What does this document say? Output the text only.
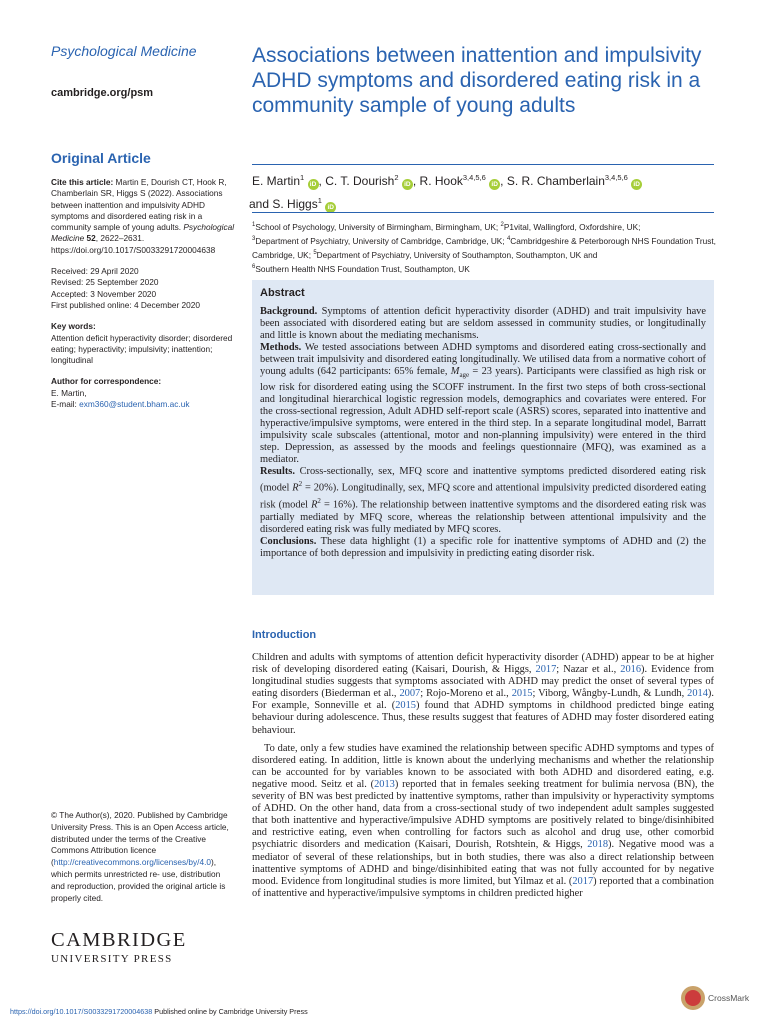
Psychological Medicine
cambridge.org/psm
Original Article

Cite this article: Martin E, Dourish CT, Hook R, Chamberlain SR, Higgs S (2022). Associations between inattention and impulsivity ADHD symptoms and disordered eating risk in a community sample of young adults. Psychological Medicine 52, 2622–2631. https://doi.org/10.1017/S0033291720004638

Received: 29 April 2020

Revised: 25 September 2020

Accepted: 3 November 2020

First published online: 4 December 2020

Key words:

Attention deficit hyperactivity disorder; disordered eating; hyperactivity; impulsivity; inattention; longitudinal

Author for correspondence:

E. Martin,

E-mail: exm360@student.bham.ac.uk

© The Author(s), 2020. Published by Cambridge University Press. This is an Open Access article, distributed under the terms of the Creative Commons Attribution licence (http://creativecommons.org/licenses/by/4.0), which permits unrestricted re- use, distribution and reproduction, provided the original article is properly cited.

CAMBRIDGE
UNIVERSITY PRESS
Associations between inattention and impulsivity ADHD symptoms and disordered eating risk in a community sample of young adults

E. Martin$^1$ iD , C. T. Dourish$^2$ iD , R. Hook$^{3,4,5,6}$ iD , S. R. Chamberlain$^{3,4,5,6}$ iD
and S. Higgs$^1$ iD

$^1$School of Psychology, University of Birmingham, Birmingham, UK; $^2$P1vital, Wallingford, Oxfordshire, UK;
$^3$Department of Psychiatry, University of Cambridge, Cambridge, UK; $^4$Cambridgeshire & Peterborough NHS Foundation Trust, Cambridge, UK; $^5$Department of Psychiatry, University of Southampton, Southampton, UK and
$^6$Southern Health NHS Foundation Trust, Southampton, UK

Abstract

Background. Symptoms of attention deficit hyperactivity disorder (ADHD) and trait impulsivity have been associated with disordered eating but are seldom assessed in community studies, or longitudinally and little is known about the mediating mechanisms.
Methods. We tested associations between ADHD symptoms and disordered eating cross-sectionally and between trait impulsivity and disordered eating longitudinally. We utilised data from a normative cohort of young adults (642 participants: 65% female, $M_{age} = 23$ years). Participants were classified as high risk or low risk for disordered eating using the SCOFF instrument. In the first two steps of both cross-sectional and longitudinal hierarchical logistic regression models, demographics and covariates were entered. For the cross-sectional regression, Adult ADHD self-report scale (ASRS) scores, separated into inattentive and hyperactive/impulsive symptoms, were entered in the third step. In a separate longitudinal model, Barratt impulsivity scale subscales (attentional, motor and non-planning impulsivity) were entered in the third step. Depression, as assessed by the moods and feelings questionnaire (MFQ), was examined as a mediator.
Results. Cross-sectionally, sex, MFQ score and inattentive symptoms predicted disordered eating risk (model $R^2 = 20\%$). Longitudinally, sex, MFQ score and attentional impulsivity predicted disordered eating risk (model $R^2 = 16\%$). The relationship between inattentive symptoms and the disordered eating risk was partially mediated by MFQ score, whereas the relationship between attentional impulsivity and the disordered eating risk was fully mediated by MFQ scores.
Conclusions. These data highlight (1) a specific role for inattentive symptoms of ADHD and (2) the importance of both depression and impulsivity in predicting eating disorder risk.

Introduction

Children and adults with symptoms of attention deficit hyperactivity disorder (ADHD) appear to be at higher risk of developing disordered eating (Kaisari, Dourish, & Higgs, 2017; Nazar et al., 2016). Evidence from longitudinal studies suggests that symptoms associated with ADHD may predict the onset of several types of eating disorders (Biederman et al., 2007; Rojo-Moreno et al., 2015; Viborg, Wångby-Lundh, & Lundh, 2014). For example, Sonneville et al. (2015) found that ADHD symptoms in childhood predicted binge eating behaviour during adolescence. Thus, these results suggest that features of ADHD may foster disordered eating behaviour.

To date, only a few studies have examined the relationship between specific ADHD symptoms and types of disordered eating. In addition, little is known about the underlying mechanisms and whether the relationship can be accounted for by variables known to be associated with both ADHD and disordered eating, e.g. negative mood. Seitz et al. (2013) reported that in females seeking treatment for bulimia nervosa (BN), the severity of BN was best predicted by inattentive symptoms, rather than impulsivity or hyperactivity symptoms of ADHD. On the other hand, data from a cross-sectional study of two independent adult samples suggested that both inattentive and hyperactive/impulsive ADHD symptoms are positively related to binge/disinhibited and restrictive eating, even when controlling for factors such as alcohol and drug use, other comorbid psychiatric disorders and medication (Kaisari, Dourish, Rotshtein, & Higgs, 2018). Negative mood was a mediator of several of these relationships, but in both studies, there was also a direct relationship between inattentive symptoms of ADHD and binge/disinhibited eating that was not fully accounted for by negative mood. Evidence from longitudinal studies is more limited, but Yilmaz et al. (2017) reported that a combination of inattentive and hyperactive/impulsive symptoms in children predicted higher

https://doi.org/10.1017/S0033291720004638 Published online by Cambridge University Press
CrossMark
